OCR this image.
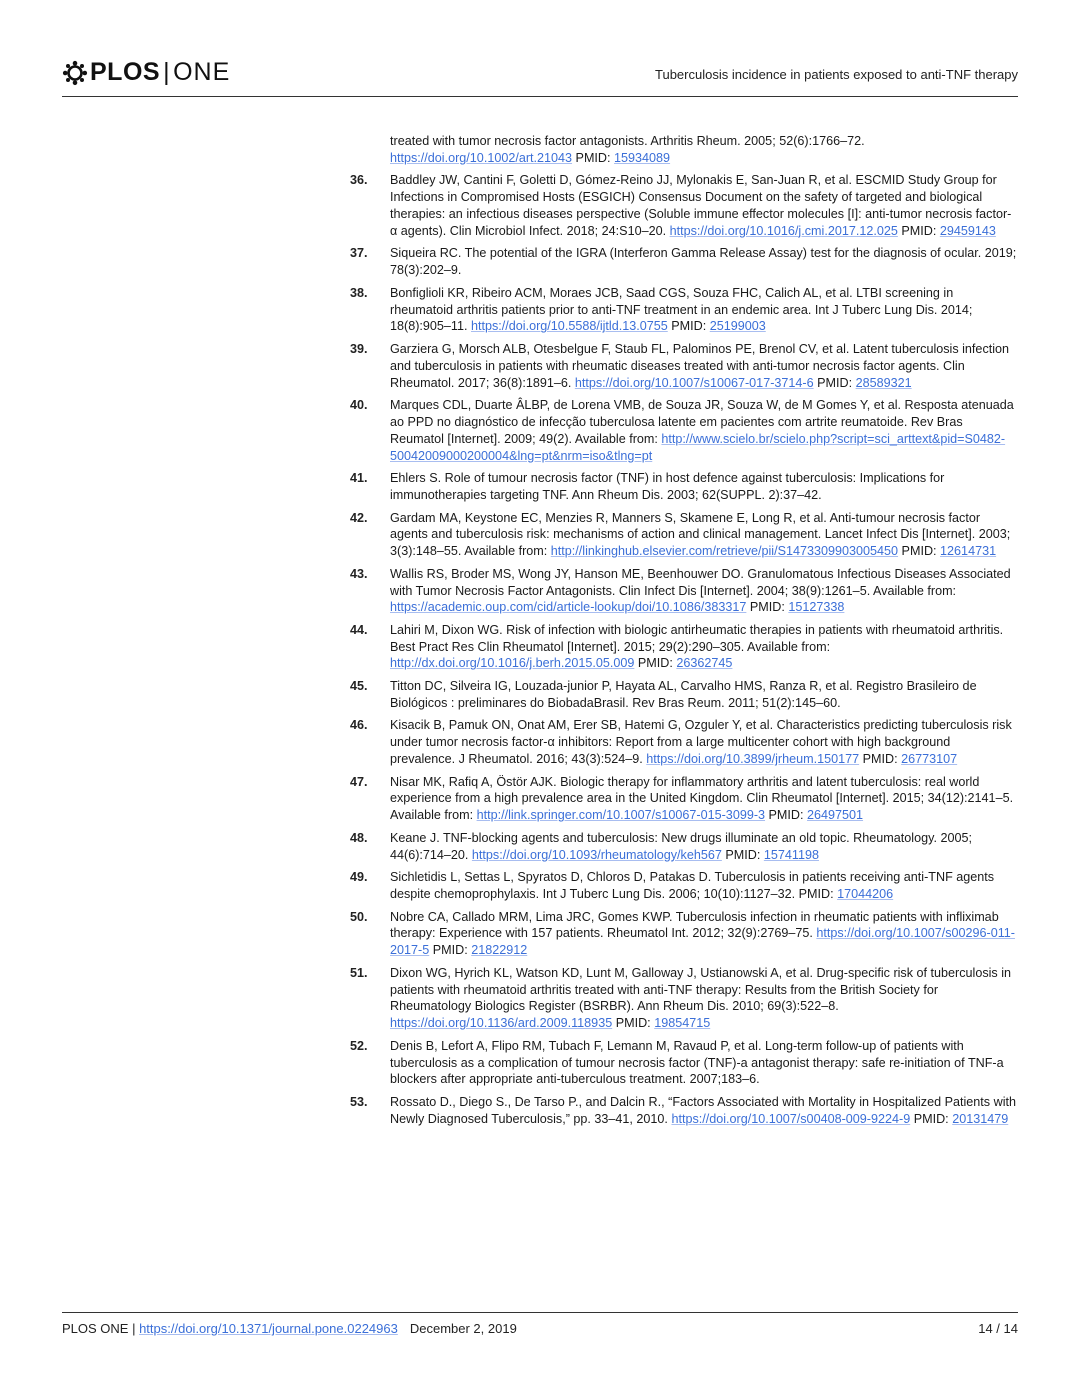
PLOS | ONE	Tuberculosis incidence in patients exposed to anti-TNF therapy
treated with tumor necrosis factor antagonists. Arthritis Rheum. 2005; 52(6):1766–72. https://doi.org/10.1002/art.21043 PMID: 15934089
36.	Baddley JW, Cantini F, Goletti D, Gómez-Reino JJ, Mylonakis E, San-Juan R, et al. ESCMID Study Group for Infections in Compromised Hosts (ESGICH) Consensus Document on the safety of targeted and biological therapies: an infectious diseases perspective (Soluble immune effector molecules [I]: anti-tumor necrosis factor-α agents). Clin Microbiol Infect. 2018; 24:S10–20. https://doi.org/10.1016/j.cmi.2017.12.025 PMID: 29459143
37.	Siqueira RC. The potential of the IGRA (Interferon Gamma Release Assay) test for the diagnosis of ocular. 2019; 78(3):202–9.
38.	Bonfiglioli KR, Ribeiro ACM, Moraes JCB, Saad CGS, Souza FHC, Calich AL, et al. LTBI screening in rheumatoid arthritis patients prior to anti-TNF treatment in an endemic area. Int J Tuberc Lung Dis. 2014; 18(8):905–11. https://doi.org/10.5588/ijtld.13.0755 PMID: 25199003
39.	Garziera G, Morsch ALB, Otesbelgue F, Staub FL, Palominos PE, Brenol CV, et al. Latent tuberculosis infection and tuberculosis in patients with rheumatic diseases treated with anti-tumor necrosis factor agents. Clin Rheumatol. 2017; 36(8):1891–6. https://doi.org/10.1007/s10067-017-3714-6 PMID: 28589321
40.	Marques CDL, Duarte ÂLBP, de Lorena VMB, de Souza JR, Souza W, de M Gomes Y, et al. Resposta atenuada ao PPD no diagnóstico de infecção tuberculosa latente em pacientes com artrite reumatoide. Rev Bras Reumatol [Internet]. 2009; 49(2). Available from: http://www.scielo.br/scielo.php?script=sci_arttext&pid=S0482-50042009000200004&lng=pt&nrm=iso&tlng=pt
41.	Ehlers S. Role of tumour necrosis factor (TNF) in host defence against tuberculosis: Implications for immunotherapies targeting TNF. Ann Rheum Dis. 2003; 62(SUPPL. 2):37–42.
42.	Gardam MA, Keystone EC, Menzies R, Manners S, Skamene E, Long R, et al. Anti-tumour necrosis factor agents and tuberculosis risk: mechanisms of action and clinical management. Lancet Infect Dis [Internet]. 2003; 3(3):148–55. Available from: http://linkinghub.elsevier.com/retrieve/pii/S1473309903005450 PMID: 12614731
43.	Wallis RS, Broder MS, Wong JY, Hanson ME, Beenhouwer DO. Granulomatous Infectious Diseases Associated with Tumor Necrosis Factor Antagonists. Clin Infect Dis [Internet]. 2004; 38(9):1261–5. Available from: https://academic.oup.com/cid/article-lookup/doi/10.1086/383317 PMID: 15127338
44.	Lahiri M, Dixon WG. Risk of infection with biologic antirheumatic therapies in patients with rheumatoid arthritis. Best Pract Res Clin Rheumatol [Internet]. 2015; 29(2):290–305. Available from: http://dx.doi.org/10.1016/j.berh.2015.05.009 PMID: 26362745
45.	Titton DC, Silveira IG, Louzada-junior P, Hayata AL, Carvalho HMS, Ranza R, et al. Registro Brasileiro de Biológicos : preliminares do BiobadaBrasil. Rev Bras Reum. 2011; 51(2):145–60.
46.	Kisacik B, Pamuk ON, Onat AM, Erer SB, Hatemi G, Ozguler Y, et al. Characteristics predicting tuberculosis risk under tumor necrosis factor-α inhibitors: Report from a large multicenter cohort with high background prevalence. J Rheumatol. 2016; 43(3):524–9. https://doi.org/10.3899/jrheum.150177 PMID: 26773107
47.	Nisar MK, Rafiq A, Östör AJK. Biologic therapy for inflammatory arthritis and latent tuberculosis: real world experience from a high prevalence area in the United Kingdom. Clin Rheumatol [Internet]. 2015; 34(12):2141–5. Available from: http://link.springer.com/10.1007/s10067-015-3099-3 PMID: 26497501
48.	Keane J. TNF-blocking agents and tuberculosis: New drugs illuminate an old topic. Rheumatology. 2005; 44(6):714–20. https://doi.org/10.1093/rheumatology/keh567 PMID: 15741198
49.	Sichletidis L, Settas L, Spyratos D, Chloros D, Patakas D. Tuberculosis in patients receiving anti-TNF agents despite chemoprophylaxis. Int J Tuberc Lung Dis. 2006; 10(10):1127–32. PMID: 17044206
50.	Nobre CA, Callado MRM, Lima JRC, Gomes KWP. Tuberculosis infection in rheumatic patients with infliximab therapy: Experience with 157 patients. Rheumatol Int. 2012; 32(9):2769–75. https://doi.org/10.1007/s00296-011-2017-5 PMID: 21822912
51.	Dixon WG, Hyrich KL, Watson KD, Lunt M, Galloway J, Ustianowski A, et al. Drug-specific risk of tuberculosis in patients with rheumatoid arthritis treated with anti-TNF therapy: Results from the British Society for Rheumatology Biologics Register (BSRBR). Ann Rheum Dis. 2010; 69(3):522–8. https://doi.org/10.1136/ard.2009.118935 PMID: 19854715
52.	Denis B, Lefort A, Flipo RM, Tubach F, Lemann M, Ravaud P, et al. Long-term follow-up of patients with tuberculosis as a complication of tumour necrosis factor (TNF)-a antagonist therapy: safe re-initiation of TNF-a blockers after appropriate anti-tuberculous treatment. 2007;183–6.
53.	Rossato D., Diego S., De Tarso P., and Dalcin R., “Factors Associated with Mortality in Hospitalized Patients with Newly Diagnosed Tuberculosis,” pp. 33–41, 2010. https://doi.org/10.1007/s00408-009-9224-9 PMID: 20131479
PLOS ONE | https://doi.org/10.1371/journal.pone.0224963 December 2, 2019	14 / 14
